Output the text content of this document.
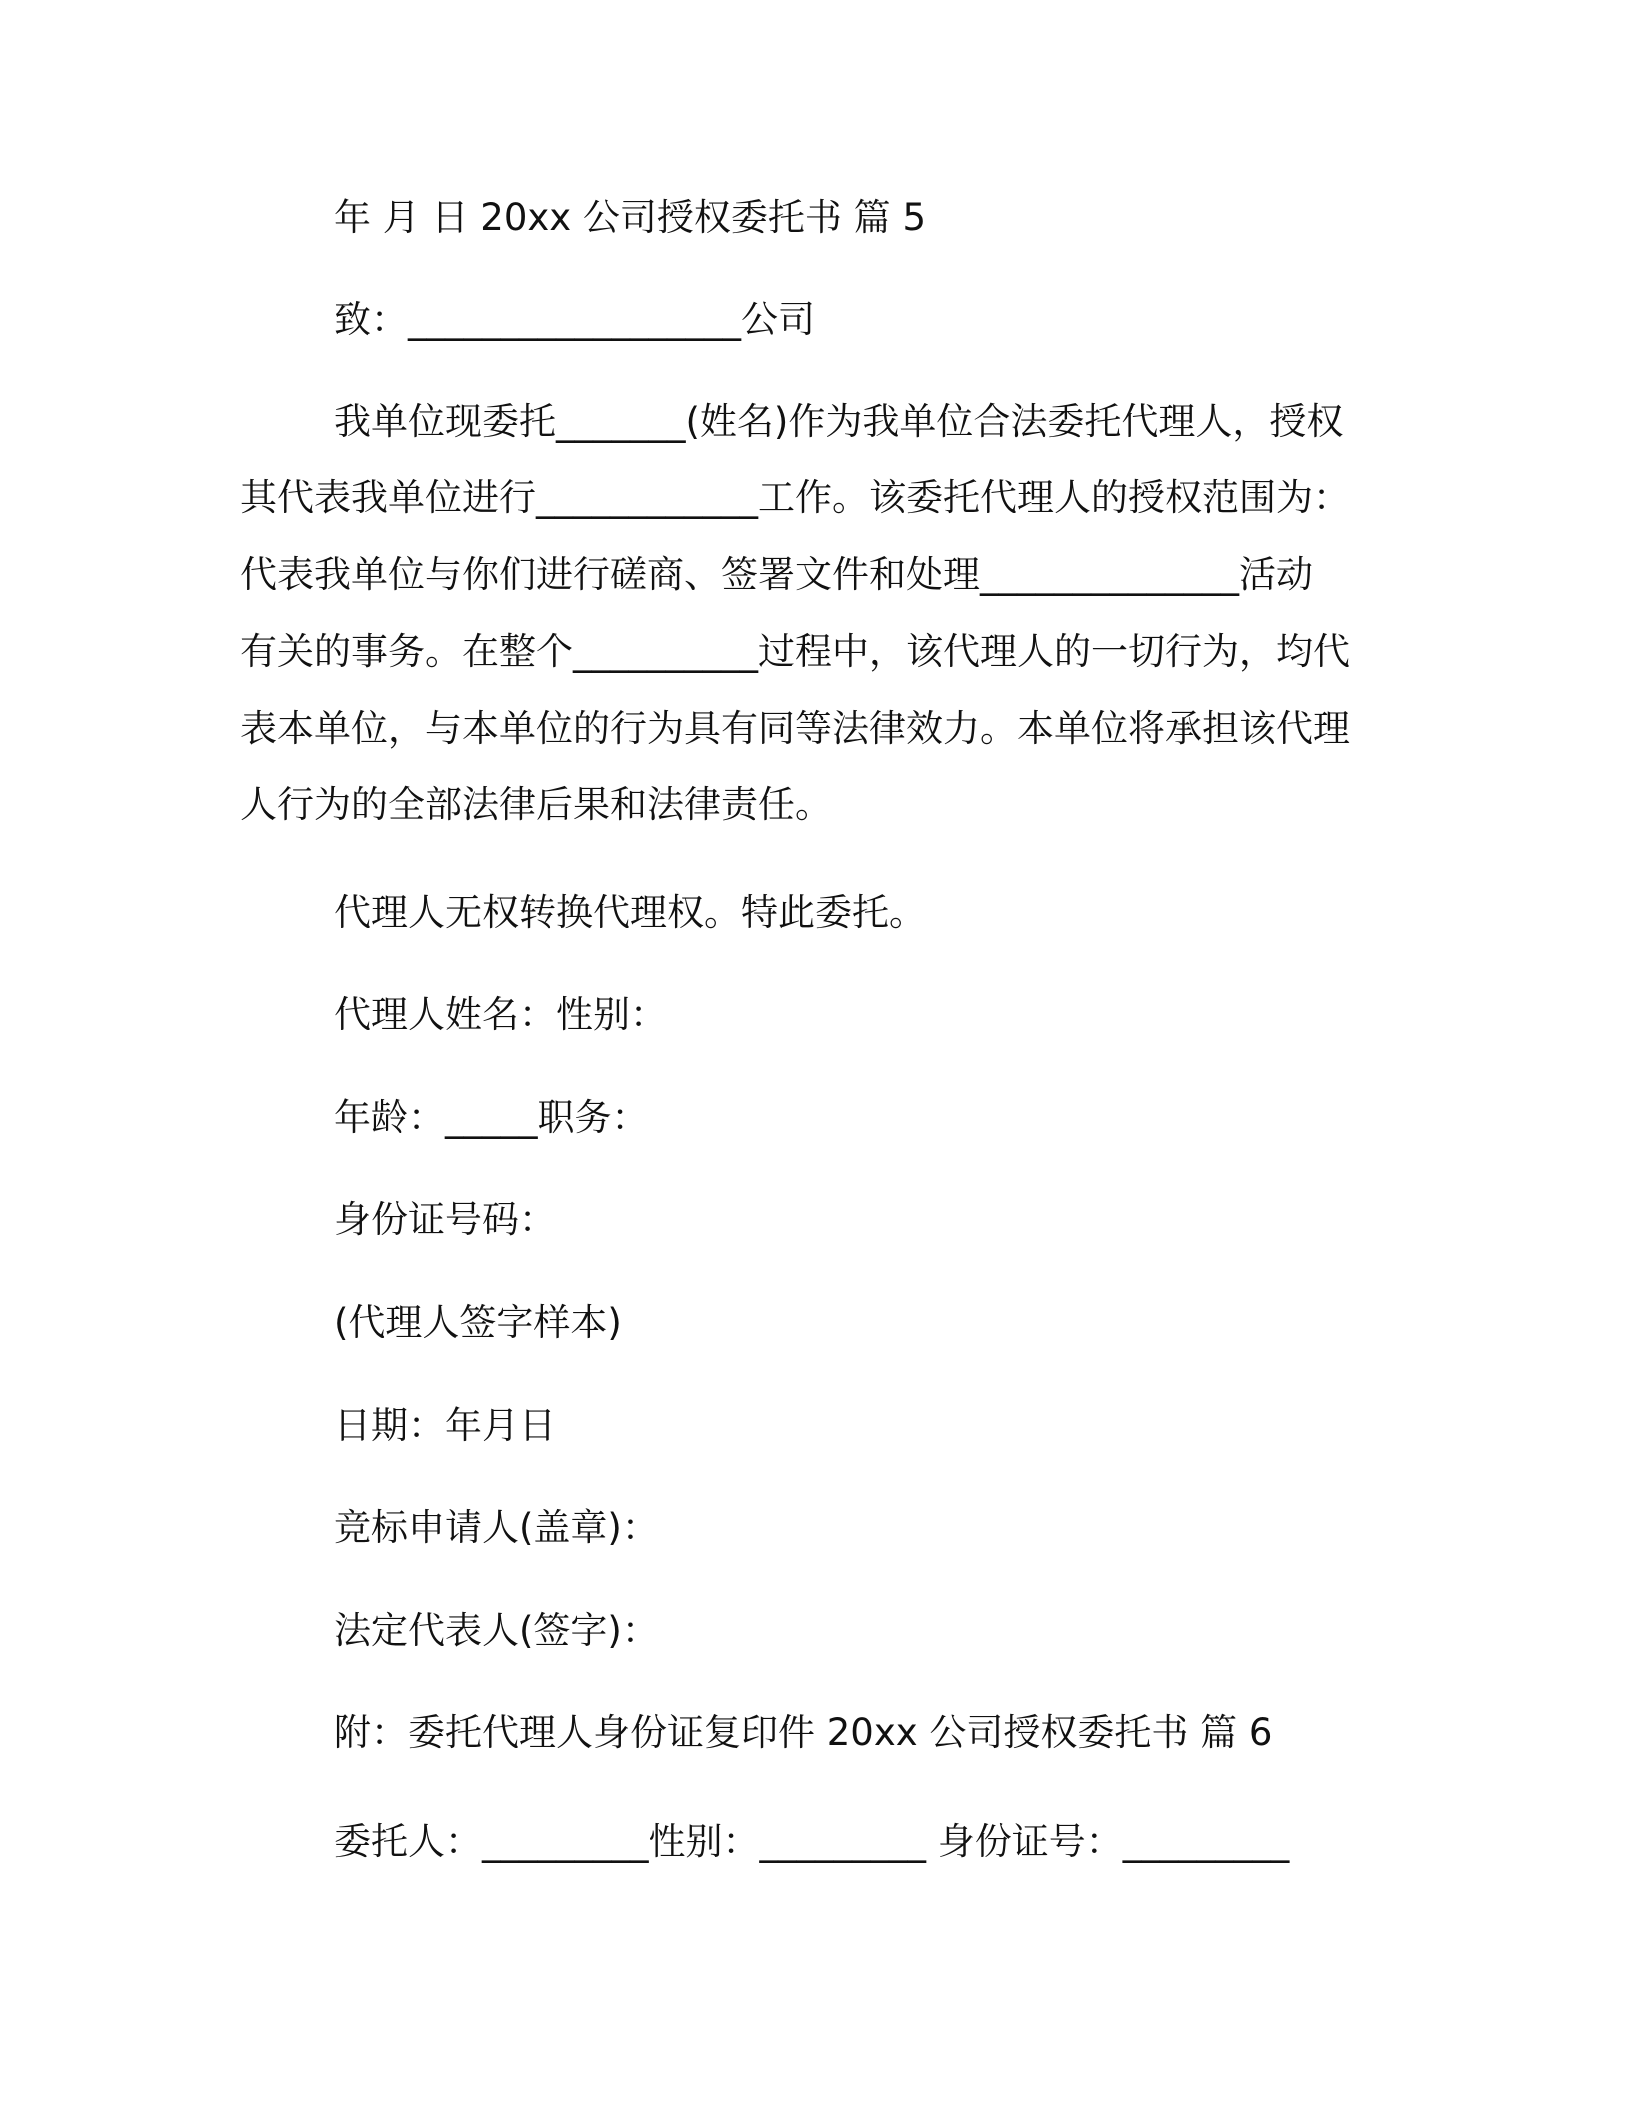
年 月 日 20xx 公司授权委托书 篇 5

致：__________________公司

我单位现委托_______(姓名)作为我单位合法委托代理人，授权

其代表我单位进行____________工作。该委托代理人的授权范围为：

代表我单位与你们进行磋商、签署文件和处理______________活动

有关的事务。在整个__________过程中，该代理人的一切行为，均代

表本单位，与本单位的行为具有同等法律效力。本单位将承担该代理

人行为的全部法律后果和法律责任。

代理人无权转换代理权。特此委托。

代理人姓名：性别：

年龄：_____职务：

身份证号码：

(代理人签字样本)

日期：年月日

竞标申请人(盖章)：

法定代表人(签字)：

附：委托代理人身份证复印件 20xx 公司授权委托书 篇 6

委托人：_________性别：_________ 身份证号：_________
